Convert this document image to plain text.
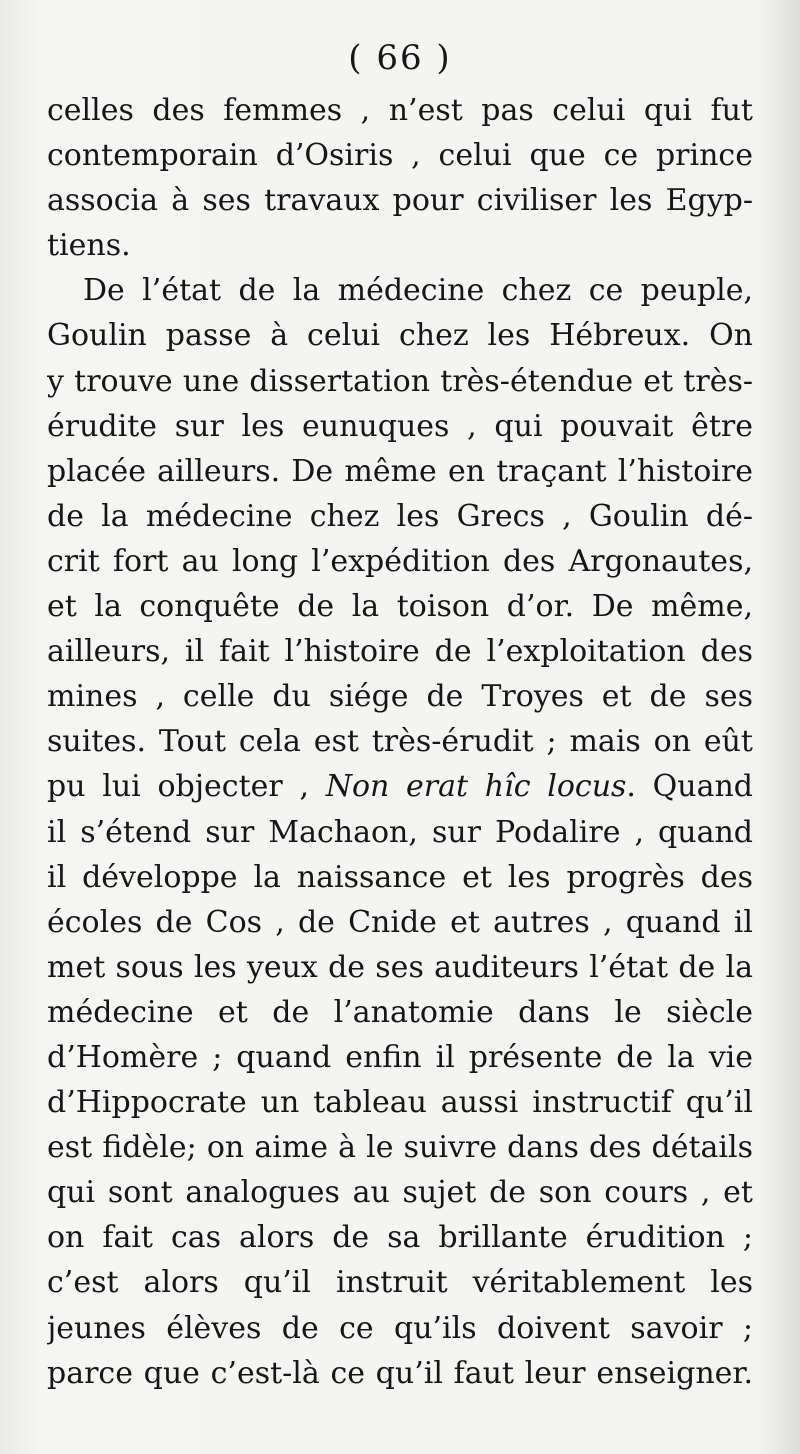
( 66 )
celles des femmes , n’est pas celui qui fut
contemporain d’Osiris , celui que ce prince
associa à ses travaux pour civiliser les Egyp-
tiens.
De l’état de la médecine chez ce peuple,
Goulin passe à celui chez les Hébreux. On
y trouve une dissertation très-étendue et très-
érudite sur les eunuques , qui pouvait être
placée ailleurs. De même en traçant l’histoire
de la médecine chez les Grecs , Goulin dé-
crit fort au long l’expédition des Argonautes,
et la conquête de la toison d’or. De même,
ailleurs, il fait l’histoire de l’exploitation des
mines , celle du siége de Troyes et de ses
suites. Tout cela est très-érudit ; mais on eût
pu lui objecter , Non erat hîc locus. Quand
il s’étend sur Machaon, sur Podalire , quand
il développe la naissance et les progrès des
écoles de Cos , de Cnide et autres , quand il
met sous les yeux de ses auditeurs l’état de la
médecine et de l’anatomie dans le siècle
d’Homère ; quand enfin il présente de la vie
d’Hippocrate un tableau aussi instructif qu’il
est fidèle; on aime à le suivre dans des détails
qui sont analogues au sujet de son cours , et
on fait cas alors de sa brillante érudition ;
c’est alors qu’il instruit véritablement les
jeunes élèves de ce qu’ils doivent savoir ;
parce que c’est-là ce qu’il faut leur enseigner.
